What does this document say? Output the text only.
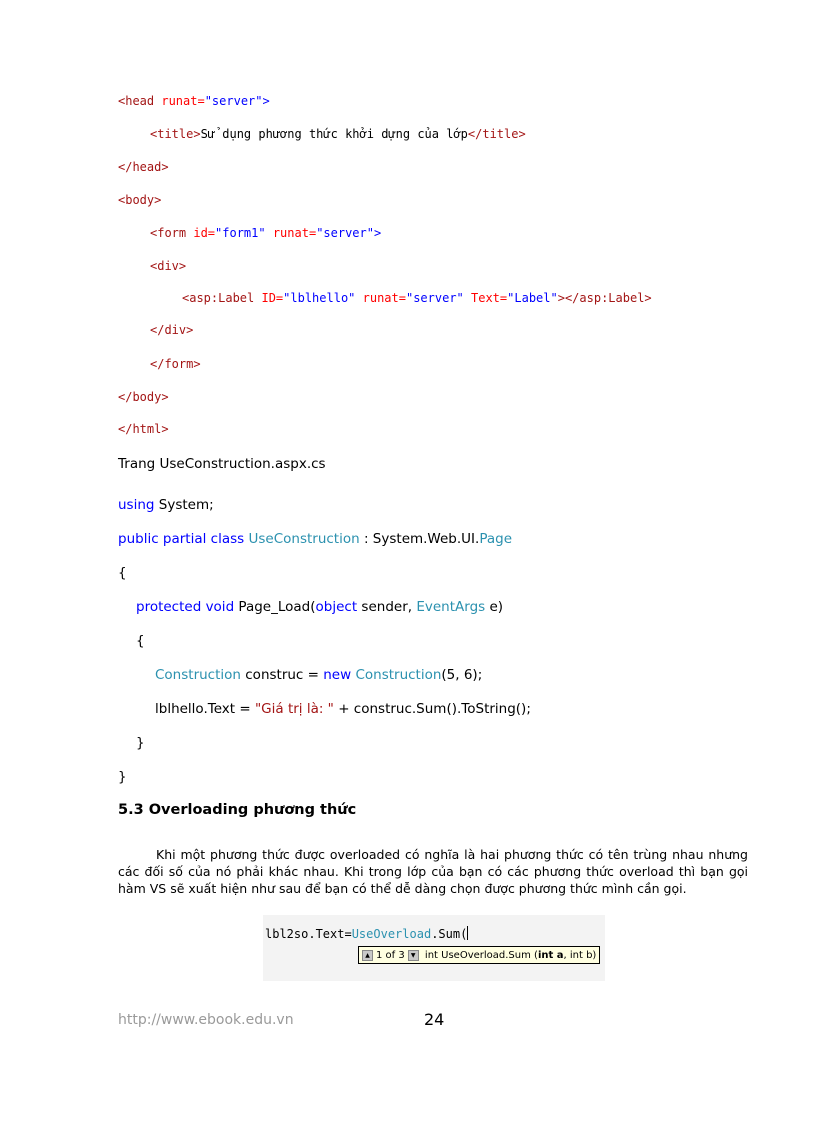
<head runat="server">
<title>Sử dụng phương thức khởi dựng của lớp</title>
</head>
<body>
<form id="form1" runat="server">
<div>
<asp:Label ID="lblhello" runat="server" Text="Label"></asp:Label>
</div>
</form>
</body>
</html>
Trang UseConstruction.aspx.cs
using System;
public partial class UseConstruction : System.Web.UI.Page
{
protected void Page_Load(object sender, EventArgs e)
{
Construction construc = new Construction(5, 6);
lblhello.Text = "Giá trị là: " + construc.Sum().ToString();
}
}
5.3 Overloading phương thức

Khi một phương thức được overloaded có nghĩa là hai phương thức có tên trùng nhau nhưng các đối số của nó phải khác nhau. Khi trong lớp của bạn có các phương thức overload thì bạn gọi hàm VS sẽ xuất hiện như sau để bạn có thể dễ dàng chọn được phương thức mình cần gọi.

lbl2so.Text=UseOverload.Sum(
▲ 1 of 3	▼ int UseOverload.Sum (int a, int b)
http://www.ebook.edu.vn	24
